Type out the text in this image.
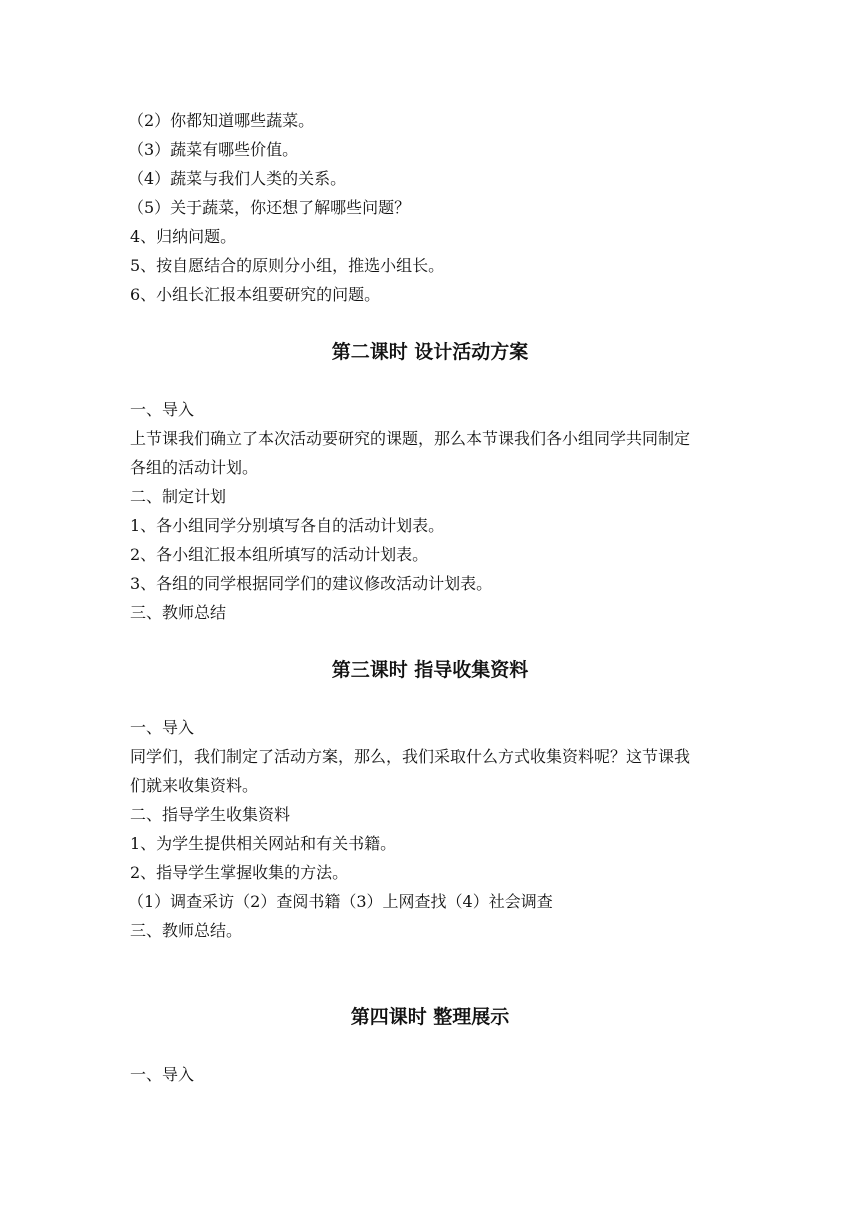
（2）你都知道哪些蔬菜。
（3）蔬菜有哪些价值。
（4）蔬菜与我们人类的关系。
（5）关于蔬菜，你还想了解哪些问题？
4、归纳问题。
5、按自愿结合的原则分小组，推选小组长。
6、小组长汇报本组要研究的问题。
第二课时 设计活动方案
一、导入
上节课我们确立了本次活动要研究的课题，那么本节课我们各小组同学共同制定
各组的活动计划。
二、制定计划
1、各小组同学分别填写各自的活动计划表。
2、各小组汇报本组所填写的活动计划表。
3、各组的同学根据同学们的建议修改活动计划表。
三、教师总结
第三课时 指导收集资料
一、导入
同学们，我们制定了活动方案，那么，我们采取什么方式收集资料呢？这节课我
们就来收集资料。
二、指导学生收集资料
1、为学生提供相关网站和有关书籍。
2、指导学生掌握收集的方法。
（1）调查采访（2）查阅书籍（3）上网查找（4）社会调查
三、教师总结。
第四课时 整理展示
一、导入
